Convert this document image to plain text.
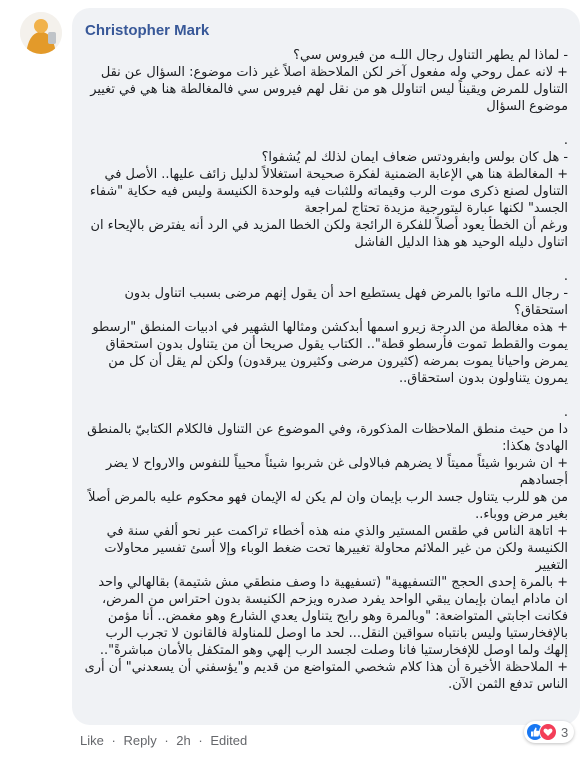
Christopher Mark

- لماذا لم يطهر التناول رجال اللـه من فيروس سي؟

+ لانه عمل روحي وله مفعول آخر لكن الملاحظة اصلاً غير ذات موضوع: السؤال عن نقل التناول للمرض ويقيناً ليس اتناولل هو من نقل لهم فيروس سي فالمغالطة هنا هي في تغيير موضوع السؤال

.

- هل كان بولس وابفرودتس ضعاف ايمان لذلك لم يُشفوا؟

+ المغالطة هنا هي الإعابة الضمنية لفكرة صحيحة استغلالاً لدليل زائف عليها.. الأصل في التناول لصنع ذكرى موت الرب وقيماته وللثبات فيه ولوحدة الكنيسة وليس فيه حكاية "شفاء الجسد" لكنها عبارة ليتورجية مزيدة تحتاج لمراجعة

ورغم أن الخطأ يعود أصلاً للفكرة الرائجة ولكن الخطا المزيد في الرد أنه يفترض بالإيحاء ان اتناول دليله الوحيد هو هذا الدليل الفاشل

.

- رجال اللـه ماتوا بالمرض فهل يستطيع احد أن يقول إنهم مرضى بسبب اتناول بدون استحقاق؟

+ هذه مغالطة من الدرجة زيرو اسمها أبدكشن ومثالها الشهير في ادبيات المنطق "ارسطو يموت والقطط تموت فأرسطو قطة".. الكتاب يقول صريحا أن من يتناول بدون استحقاق يمرض واحيانا يموت بمرضه (كثيرون مرضى وكثيرون يبرقدون) ولكن لم يقل أن كل من يمرون يتناولون بدون استحقاق..

.

دا من حيث منطق الملاحظات المذكورة، وفي الموضوع عن التناول فالكلام الكتابيّ بالمنطق الهادئ هكذا:

+ ان شربوا شيئاً مميتاً لا يضرهم فبالاولى غن شربوا شيئاً محيياً للنفوس والارواح لا يضر أجسادهم

من هو للرب يتناول جسد الرب بإيمان وان لم يكن له الإيمان فهو محكوم عليه بالمرض أصلاً بغير مرض ووباء..

+ اتاهة الناس في طقس المستير والذي منه هذه أخطاء تراكمت عبر نحو ألفي سنة في الكنيسة ولكن من غير الملائم محاولة تغييرها تحت ضغط الوباء وإلا أسئ تفسير محاولات التغيير

+ بالمرة إحدى الحجج "التسفيهية" (تسفيهية دا وصف منطقي مش شتيمة) بقالهالي واحد ان مادام ايمان بإيمان يبقي الواحد يفرد صدره ويزحم الكنيسة بدون احتراس من المرض، فكانت اجابتي المتواضعة: "وبالمرة وهو رايح يتناول يعدي الشارع وهو مغمض.. أنا مؤمن بالإفخارستيا وليس بانتباه سواقين النقل... لحد ما اوصل للمناولة فالقانون لا تجرب الرب إلهك ولما اوصل للإفخارستيا فانا وصلت لجسد الرب إلهي وهو المتكفل بالأمان مباشرةً"..

+ الملاحظة الأخيرة أن هذا كلام شخصي المتواضع من قديم و"يؤسفني أن يسعدني" أن أرى الناس تدفع الثمن الآن.

Like · Reply · 2h · Edited
3
